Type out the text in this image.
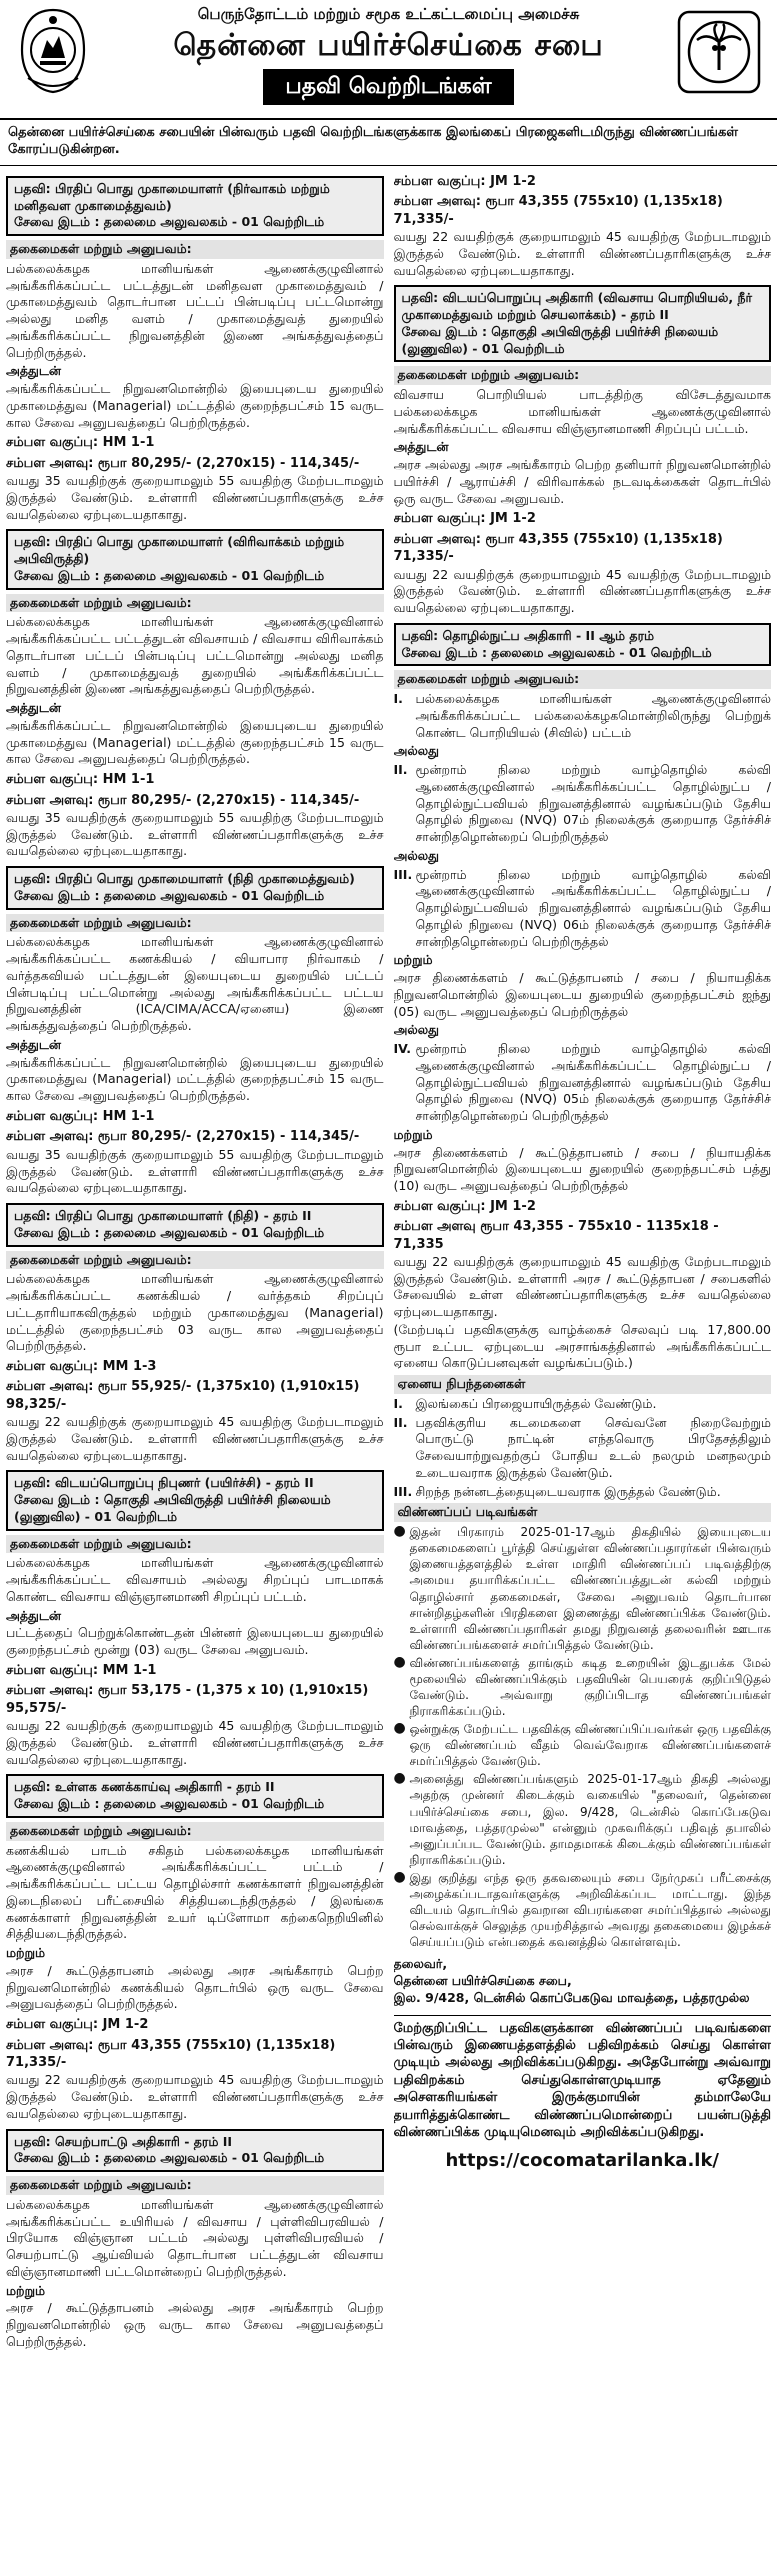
பெருந்தோட்டம் மற்றும் சமூக உட்கட்டமைப்பு அமைச்சு
தென்னை பயிர்ச்செய்கை சபை
பதவி வெற்றிடங்கள்
தென்னை பயிர்ச்செய்கை சபையின் பின்வரும் பதவி வெற்றிடங்களுக்காக இலங்கைப் பிரஜைகளிடமிருந்து விண்ணப்பங்கள் கோரப்படுகின்றன.
பதவி: பிரதிப் பொது முகாமையாளர் (நிர்வாகம் மற்றும் மனிதவள முகாமைத்துவம்)
சேவை இடம் : தலைமை அலுவலகம் - 01 வெற்றிடம்
தகைமைகள் மற்றும் அனுபவம்:
பல்கலைக்கழக மானியங்கள் ஆணைக்குழுவினால் அங்கீகரிக்கப்பட்ட பட்டத்துடன் மனிதவள முகாமைத்துவம் / முகாமைத்துவம் தொடர்பான பட்டப் பின்படிப்பு பட்டமொன்று அல்லது மனித வளம் / முகாமைத்துவத் துறையில் அங்கீகரிக்கப்பட்ட நிறுவனத்தின் இணை அங்கத்துவத்தைப் பெற்றிருத்தல்.
அத்துடன்
அங்கீகரிக்கப்பட்ட நிறுவனமொன்றில் இயைபுடைய துறையில் முகாமைத்துவ (Managerial) மட்டத்தில் குறைந்தபட்சம் 15 வருட கால சேவை அனுபவத்தைப் பெற்றிருத்தல்.
சம்பள வகுப்பு: HM 1-1
சம்பள அளவு: ரூபா 80,295/- (2,270x15) - 114,345/-
வயது 35 வயதிற்குக் குறையாமலும் 55 வயதிற்கு மேற்படாமலும் இருத்தல் வேண்டும். உள்ளாரி விண்ணப்பதாரிகளுக்கு உச்ச வயதெல்லை ஏற்புடையதாகாது.
பதவி: பிரதிப் பொது முகாமையாளர் (விரிவாக்கம் மற்றும் அபிவிருத்தி)
சேவை இடம் : தலைமை அலுவலகம் - 01 வெற்றிடம்
தகைமைகள் மற்றும் அனுபவம்:
பல்கலைக்கழக மானியங்கள் ஆணைக்குழுவினால் அங்கீகரிக்கப்பட்ட பட்டத்துடன் விவசாயம் / விவசாய விரிவாக்கம் தொடர்பான பட்டப் பின்படிப்பு பட்டமொன்று அல்லது மனித வளம் / முகாமைத்துவத் துறையில் அங்கீகரிக்கப்பட்ட நிறுவனத்தின் இணை அங்கத்துவத்தைப் பெற்றிருத்தல்.
அத்துடன்
அங்கீகரிக்கப்பட்ட நிறுவனமொன்றில் இயைபுடைய துறையில் முகாமைத்துவ (Managerial) மட்டத்தில் குறைந்தபட்சம் 15 வருட கால சேவை அனுபவத்தைப் பெற்றிருத்தல்.
சம்பள வகுப்பு: HM 1-1
சம்பள அளவு: ரூபா 80,295/- (2,270x15) - 114,345/-
வயது 35 வயதிற்குக் குறையாமலும் 55 வயதிற்கு மேற்படாமலும் இருத்தல் வேண்டும். உள்ளாரி விண்ணப்பதாரிகளுக்கு உச்ச வயதெல்லை ஏற்புடையதாகாது.
பதவி: பிரதிப் பொது முகாமையாளர் (நிதி முகாமைத்துவம்)
சேவை இடம் : தலைமை அலுவலகம் - 01 வெற்றிடம்
தகைமைகள் மற்றும் அனுபவம்:
பல்கலைக்கழக மானியங்கள் ஆணைக்குழுவினால் அங்கீகரிக்கப்பட்ட கணக்கியல் / வியாபார நிர்வாகம் / வர்த்தகவியல் பட்டத்துடன் இயைபுடைய துறையில் பட்டப் பின்படிப்பு பட்டமொன்று அல்லது அங்கீகரிக்கப்பட்ட பட்டய நிறுவனத்தின் (ICA/CIMA/ACCA/ஏனைய) இணை அங்கத்துவத்தைப் பெற்றிருத்தல்.
அத்துடன்
அங்கீகரிக்கப்பட்ட நிறுவனமொன்றில் இயைபுடைய துறையில் முகாமைத்துவ (Managerial) மட்டத்தில் குறைந்தபட்சம் 15 வருட கால சேவை அனுபவத்தைப் பெற்றிருத்தல்.
சம்பள வகுப்பு: HM 1-1
சம்பள அளவு: ரூபா 80,295/- (2,270x15) - 114,345/-
வயது 35 வயதிற்குக் குறையாமலும் 55 வயதிற்கு மேற்படாமலும் இருத்தல் வேண்டும். உள்ளாரி விண்ணப்பதாரிகளுக்கு உச்ச வயதெல்லை ஏற்புடையதாகாது.
பதவி: பிரதிப் பொது முகாமையாளர் (நிதி) - தரம் II
சேவை இடம் : தலைமை அலுவலகம் - 01 வெற்றிடம்
தகைமைகள் மற்றும் அனுபவம்:
பல்கலைக்கழக மானியங்கள் ஆணைக்குழுவினால் அங்கீகரிக்கப்பட்ட கணக்கியல் / வர்த்தகம் சிறப்புப் பட்டதாரியாகவிருத்தல் மற்றும் முகாமைத்துவ (Managerial) மட்டத்தில் குறைந்தபட்சம் 03 வருட கால அனுபவத்தைப் பெற்றிருத்தல்.
சம்பள வகுப்பு: MM 1-3
சம்பள அளவு: ரூபா 55,925/- (1,375x10) (1,910x15) 98,325/-
வயது 22 வயதிற்குக் குறையாமலும் 45 வயதிற்கு மேற்படாமலும் இருத்தல் வேண்டும். உள்ளாரி விண்ணப்பதாரிகளுக்கு உச்ச வயதெல்லை ஏற்புடையதாகாது.
பதவி: விடயப்பொறுப்பு நிபுணர் (பயிர்ச்சி) - தரம் II
சேவை இடம் : தொகுதி அபிவிருத்தி பயிர்ச்சி நிலையம் (லுணுவில) - 01 வெற்றிடம்
தகைமைகள் மற்றும் அனுபவம்:
பல்கலைக்கழக மானியங்கள் ஆணைக்குழுவினால் அங்கீகரிக்கப்பட்ட விவசாயம் அல்லது சிறப்புப் பாடமாகக் கொண்ட விவசாய விஞ்ஞானமாணி சிறப்புப் பட்டம்.
அத்துடன்
பட்டத்தைப் பெற்றுக்கொண்டதன் பின்னர் இயைபுடைய துறையில் குறைந்தபட்சம் மூன்று (03) வருட சேவை அனுபவம்.
சம்பள வகுப்பு: MM 1-1
சம்பள அளவு: ரூபா 53,175 - (1,375 x 10) (1,910x15) 95,575/-
வயது 22 வயதிற்குக் குறையாமலும் 45 வயதிற்கு மேற்படாமலும் இருத்தல் வேண்டும். உள்ளாரி விண்ணப்பதாரிகளுக்கு உச்ச வயதெல்லை ஏற்புடையதாகாது.
பதவி: உள்ளக கணக்காய்வு அதிகாரி - தரம் II
சேவை இடம் : தலைமை அலுவலகம் - 01 வெற்றிடம்
தகைமைகள் மற்றும் அனுபவம்:
கணக்கியல் பாடம் சகிதம் பல்கலைக்கழக மானியங்கள் ஆணைக்குழுவினால் அங்கீகரிக்கப்பட்ட பட்டம் / அங்கீகரிக்கப்பட்ட பட்டய தொழில்சார் கணக்காளர் நிறுவனத்தின் இடைநிலைப் பரீட்சையில் சித்தியடைந்திருத்தல் / இலங்கை கணக்காளர் நிறுவனத்தின் உயர் டிப்ளோமா கற்கைநெறியினில் சித்தியடைந்திருத்தல்.
மற்றும்
அரச / கூட்டுத்தாபனம் அல்லது அரச அங்கீகாரம் பெற்ற நிறுவனமொன்றில் கணக்கியல் தொடர்பில் ஒரு வருட சேவை அனுபவத்தைப் பெற்றிருத்தல்.
சம்பள வகுப்பு: JM 1-2
சம்பள அளவு: ரூபா 43,355 (755x10) (1,135x18) 71,335/-
வயது 22 வயதிற்குக் குறையாமலும் 45 வயதிற்கு மேற்படாமலும் இருத்தல் வேண்டும். உள்ளாரி விண்ணப்பதாரிகளுக்கு உச்ச வயதெல்லை ஏற்புடையதாகாது.
பதவி: செயற்பாட்டு அதிகாரி - தரம் II
சேவை இடம் : தலைமை அலுவலகம் - 01 வெற்றிடம்
தகைமைகள் மற்றும் அனுபவம்:
பல்கலைக்கழக மானியங்கள் ஆணைக்குழுவினால் அங்கீகரிக்கப்பட்ட உயிரியல் / விவசாய / புள்ளிவிபரவியல் / பிரயோக விஞ்ஞான பட்டம் அல்லது புள்ளிவிபரவியல் / செயற்பாட்டு ஆய்வியல் தொடர்பான பட்டத்துடன் விவசாய விஞ்ஞானமாணி பட்டமொன்றைப் பெற்றிருத்தல்.
மற்றும்
அரச / கூட்டுத்தாபனம் அல்லது அரச அங்கீகாரம் பெற்ற நிறுவனமொன்றில் ஒரு வருட கால சேவை அனுபவத்தைப் பெற்றிருத்தல்.
சம்பள வகுப்பு: JM 1-2
சம்பள அளவு: ரூபா 43,355 (755x10) (1,135x18) 71,335/-
வயது 22 வயதிற்குக் குறையாமலும் 45 வயதிற்கு மேற்படாமலும் இருத்தல் வேண்டும். உள்ளாரி விண்ணப்பதாரிகளுக்கு உச்ச வயதெல்லை ஏற்புடையதாகாது.
பதவி: விடயப்பொறுப்பு அதிகாரி (விவசாய பொறியியல், நீர் முகாமைத்துவம் மற்றும் செயலாக்கம்) - தரம் II
சேவை இடம் : தொகுதி அபிவிருத்தி பயிர்ச்சி நிலையம் (லுணுவில) - 01 வெற்றிடம்
தகைமைகள் மற்றும் அனுபவம்:
விவசாய பொறியியல் பாடத்திற்கு விசேடத்துவமாக பல்கலைக்கழக மானியங்கள் ஆணைக்குழுவினால் அங்கீகரிக்கப்பட்ட விவசாய விஞ்ஞானமாணி சிறப்புப் பட்டம்.
அத்துடன்
அரச அல்லது அரச அங்கீகாரம் பெற்ற தனியார் நிறுவனமொன்றில் பயிர்ச்சி / ஆராய்ச்சி / விரிவாக்கல் நடவடிக்கைகள் தொடர்பில் ஒரு வருட சேவை அனுபவம்.
சம்பள வகுப்பு: JM 1-2
சம்பள அளவு: ரூபா 43,355 (755x10) (1,135x18) 71,335/-
வயது 22 வயதிற்குக் குறையாமலும் 45 வயதிற்கு மேற்படாமலும் இருத்தல் வேண்டும். உள்ளாரி விண்ணப்பதாரிகளுக்கு உச்ச வயதெல்லை ஏற்புடையதாகாது.
பதவி: தொழில்நுட்ப அதிகாரி - II ஆம் தரம்
சேவை இடம் : தலைமை அலுவலகம் - 01 வெற்றிடம்
தகைமைகள் மற்றும் அனுபவம்:
I.	பல்கலைக்கழக மானியங்கள் ஆணைக்குழுவினால் அங்கீகரிக்கப்பட்ட பல்கலைக்கழகமொன்றிலிருந்து பெற்றுக் கொண்ட பொறியியல் (சிவில்) பட்டம்
அல்லது
II. மூன்றாம் நிலை மற்றும் வாழ்தொழில் கல்வி ஆணைக்குழுவினால் அங்கீகரிக்கப்பட்ட தொழில்நுட்ப / தொழில்நுட்பவியல் நிறுவனத்தினால் வழங்கப்படும் தேசிய தொழில் நிறுவை (NVQ) 07ம் நிலைக்குக் குறையாத தேர்ச்சிச் சான்றிதழொன்றைப் பெற்றிருத்தல்
அல்லது
III. மூன்றாம் நிலை மற்றும் வாழ்தொழில் கல்வி ஆணைக்குழுவினால் அங்கீகரிக்கப்பட்ட தொழில்நுட்ப / தொழில்நுட்பவியல் நிறுவனத்தினால் வழங்கப்படும் தேசிய தொழில் நிறுவை (NVQ) 06ம் நிலைக்குக் குறையாத தேர்ச்சிச் சான்றிதழொன்றைப் பெற்றிருத்தல்
மற்றும்
அரச திணைக்களம் / கூட்டுத்தாபனம் / சபை / நியாயதிக்க நிறுவனமொன்றில் இயைபுடைய துறையில் குறைந்தபட்சம் ஐந்து (05) வருட அனுபவத்தைப் பெற்றிருத்தல்
அல்லது
IV. மூன்றாம் நிலை மற்றும் வாழ்தொழில் கல்வி ஆணைக்குழுவினால் அங்கீகரிக்கப்பட்ட தொழில்நுட்ப / தொழில்நுட்பவியல் நிறுவனத்தினால் வழங்கப்படும் தேசிய தொழில் நிறுவை (NVQ) 05ம் நிலைக்குக் குறையாத தேர்ச்சிச் சான்றிதழொன்றைப் பெற்றிருத்தல்
மற்றும்
அரச திணைக்களம் / கூட்டுத்தாபனம் / சபை / நியாயதிக்க நிறுவனமொன்றில் இயைபுடைய துறையில் குறைந்தபட்சம் பத்து (10) வருட அனுபவத்தைப் பெற்றிருத்தல்
சம்பள வகுப்பு: JM 1-2
சம்பள அளவு ரூபா 43,355 - 755x10 - 1135x18 - 71,335
வயது 22 வயதிற்குக் குறையாமலும் 45 வயதிற்கு மேற்படாமலும் இருத்தல் வேண்டும். உள்ளாரி அரச / கூட்டுத்தாபன / சபைகளில் சேவையில் உள்ள விண்ணப்பதாரிகளுக்கு உச்ச வயதெல்லை ஏற்புடையதாகாது.
(மேற்படிப் பதவிகளுக்கு வாழ்க்கைச் செலவுப் படி 17,800.00 ரூபா உட்பட ஏற்புடைய அரசாங்கத்தினால் அங்கீகரிக்கப்பட்ட ஏனைய கொடுப்பனவுகள் வழங்கப்படும்.)
ஏனைய நிபந்தனைகள்
I.	இலங்கைப் பிரஜையாயிருத்தல் வேண்டும்.
II. பதவிக்குரிய கடமைகளை செவ்வனே நிறைவேற்றும் பொருட்டு நாட்டின் எந்தவொரு பிரதேசத்திலும் சேவையாற்றுவதற்குப் போதிய உடல் நலமும் மனநலமும் உடையவராக இருத்தல் வேண்டும்.
III. சிறந்த நன்னடத்தையுடையவராக இருத்தல் வேண்டும்.
விண்ணப்பப் படிவங்கள்
● இதன் பிரகாரம் 2025-01-17ஆம் திகதியில் இயைபுடைய தகைமைகளைப் பூர்த்தி செய்துள்ள விண்ணப்பதாரர்கள் பின்வரும் இணையத்தளத்தில் உள்ள மாதிரி விண்ணப்பப் படிவத்திற்கு அமைய தயாரிக்கப்பட்ட விண்ணப்பத்துடன் கல்வி மற்றும் தொழில்சார் தகைமைகள், சேவை அனுபவம் தொடர்பான சான்றிதழ்களின் பிரதிகளை இணைத்து விண்ணப்பிக்க வேண்டும். உள்ளாரி விண்ணப்பதாரிகள் தமது நிறுவனத் தலைவரின் ஊடாக விண்ணப்பங்களைச் சமர்ப்பித்தல் வேண்டும்.
● விண்ணப்பங்களைத் தாங்கும் கடித உறையின் இடதுபக்க மேல் மூலையில் விண்ணப்பிக்கும் பதவியின் பெயரைக் குறிப்பிடுதல் வேண்டும். அவ்வாறு குறிப்பிடாத விண்ணப்பங்கள் நிராகரிக்கப்படும்.
● ஒன்றுக்கு மேற்பட்ட பதவிக்கு விண்ணப்பிப்பவர்கள் ஒரு பதவிக்கு ஒரு விண்ணப்பம் வீதம் வெவ்வேறாக விண்ணப்பங்களைச் சமர்ப்பித்தல் வேண்டும்.
● அனைத்து விண்ணப்பங்களும் 2025-01-17ஆம் திகதி அல்லது அதற்கு முன்னர் கிடைக்கும் வகையில் "தலைவர், தென்னை பயிர்ச்செய்கை சபை, இல. 9/428, டென்சில் கொப்பேகடுவ மாவத்தை, பத்தரமுல்ல" என்னும் முகவரிக்குப் பதிவுத் தபாலில் அனுப்பப்பட வேண்டும். தாமதமாகக் கிடைக்கும் விண்ணப்பங்கள் நிராகரிக்கப்படும்.
● இது குறித்து எந்த ஒரு தகவலையும் சபை நேர்முகப் பரீட்சைக்கு அழைக்கப்படாதவர்களுக்கு அறிவிக்கப்பட மாட்டாது. இந்த விடயம் தொடர்பில் தவறான விபரங்களை சமர்ப்பித்தால் அல்லது செல்வாக்குச் செலுத்த முயற்சித்தால் அவரது தகைமையை இழக்கச் செய்யப்படும் என்பதைக் கவனத்தில் கொள்ளவும்.
தலைவர்,
தென்னை பயிர்ச்செய்கை சபை,
இல. 9/428, டென்சில் கொப்பேகடுவ மாவத்தை, பத்தரமுல்ல
மேற்குறிப்பிட்ட பதவிகளுக்கான விண்ணப்பப் படிவங்களை பின்வரும் இணையத்தளத்தில் பதிவிறக்கம் செய்து கொள்ள முடியும் அல்லது அறிவிக்கப்படுகிறது. அதேபோன்று அவ்வாறு பதிவிறக்கம் செய்துகொள்ளமுடியாத ஏதேனும் அசௌகரியங்கள் இருக்குமாயின் தம்மாலேயே தயாரித்துக்கொண்ட விண்ணப்பமொன்றைப் பயன்படுத்தி விண்ணப்பிக்க முடியுமெனவும் அறிவிக்கப்படுகிறது.
https://cocomatarilanka.lk/
